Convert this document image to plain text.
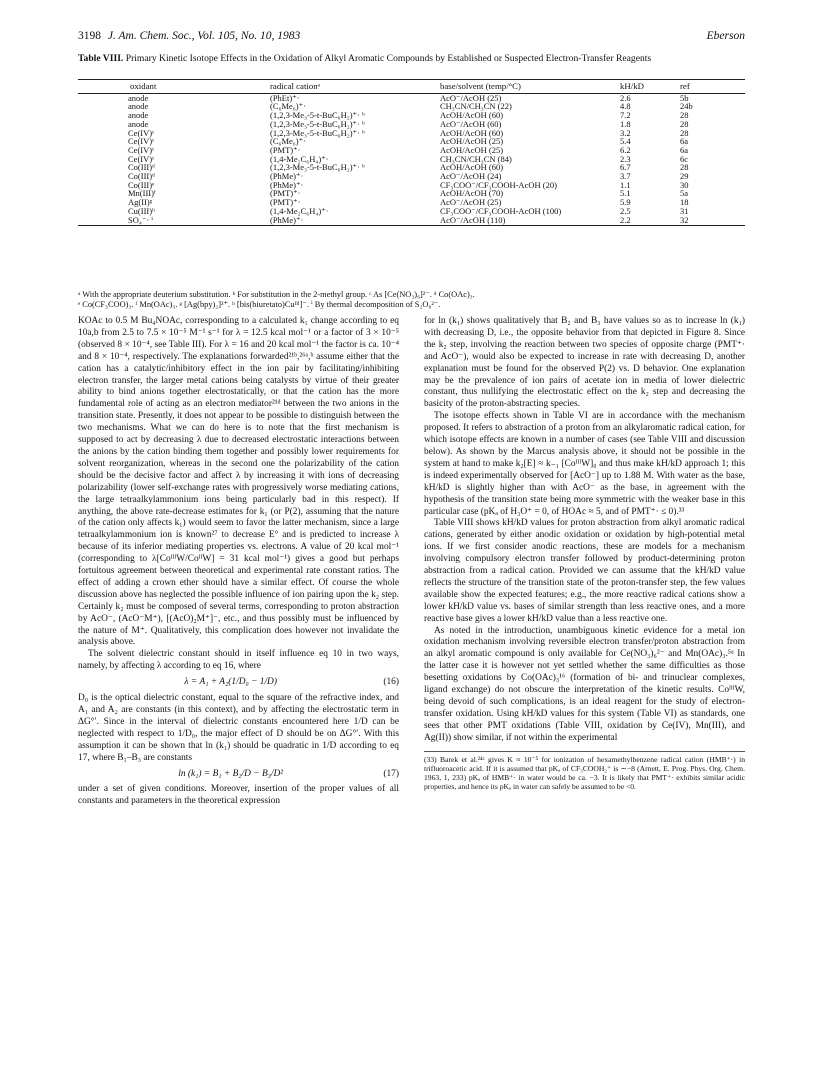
3198 J. Am. Chem. Soc., Vol. 105, No. 10, 1983	Eberson
Table VIII. Primary Kinetic Isotope Effects in the Oxidation of Alkyl Aromatic Compounds by Established or Suspected Electron-Transfer Reagents
oxidant	radical cationᵃ	base/solvent (temp/°C)	kH/kD	ref
anode	(PhEt)⁺·	AcO⁻/AcOH (25)	2.6	5b
anode	(C₆Me₆)⁺·	CH₃CN/CH₃CN (22)	4.8	24b
anode	(1,2,3-Me₃-5-t-BuC₆H₂)⁺· ᵇ	AcOH/AcOH (60)	7.2	28
anode	(1,2,3-Me₃-5-t-BuC₆H₂)⁺· ᵇ	AcO⁻/AcOH (60)	1.8	28
Ce(IV)ᶜ	(1,2,3-Me₃-5-t-BuC₆H₂)⁺· ᵇ	AcOH/AcOH (60)	3.2	28
Ce(IV)ᶜ	(C₆Me₆)⁺·	AcOH/AcOH (25)	5.4	6a
Ce(IV)ᶜ	(PMT)⁺·	AcOH/AcOH (25)	6.2	6a
Ce(IV)ᶜ	(1,4-Me₂C₆H₄)⁺·	CH₃CN/CH₃CN (84)	2.3	6c
Co(III)ᵈ	(1,2,3-Me₃-5-t-BuC₆H₂)⁺· ᵇ	AcOH/AcOH (60)	6.7	28
Co(III)ᵈ	(PhMe)⁺·	AcO⁻/AcOH (24)	3.7	29
Co(III)ᵉ	(PhMe)⁺·	CF₃COO⁻/CF₃COOH-AcOH (20)	1.1	30
Mn(III)ᶠ	(PMT)⁺·	AcOH/AcOH (70)	5.1	5a
Ag(II)ᵍ	(PMT)⁺·	AcO⁻/AcOH (25)	5.9	18
Cu(III)ʰ	(1,4-Me₂C₆H₄)⁺·	CF₃COO⁻/CF₃COOH-AcOH (100)	2.5	31
SO₄⁻· ⁱ	(PhMe)⁺·	AcO⁻/AcOH (110)	2.2	32
ᵃ With the appropriate deuterium substitution. ᵇ For substitution in the 2-methyl group. ᶜ As [Ce(NO₃)₆]²⁻. ᵈ Co(OAc)₃.
ᵉ Co(CF₃COO)₃. ᶠ Mn(OAc)₃. ᵍ [Ag(bpy)₂]²⁺. ʰ [bis(biuretato)Cuᴵᴵᴵ]⁻. ⁱ By thermal decomposition of S₂O₈²⁻.

KOAc to 0.5 M Bu₄NOAc, corresponding to a calculated k₁ change according to eq 10a,b from 2.5 to 7.5 × 10⁻⁵ M⁻¹ s⁻¹ for λ = 12.5 kcal mol⁻¹ or a factor of 3 × 10⁻⁵ (observed 8 × 10⁻⁴, see Table III). For λ = 16 and 20 kcal mol⁻¹ the factor is ca. 10⁻⁴ and 8 × 10⁻⁴, respectively. The explanations forwarded²¹ᵇ,²⁶ᵃ,ᵇ assume either that the cation has a catalytic/inhibitory effect in the ion pair by facilitating/inhibiting electron transfer, the larger metal cations being catalysts by virtue of their greater ability to bind anions together electrostatically, or that the cation has the more fundamental role of acting as an electron mediator²¹ᵈ between the two anions in the transition state. Presently, it does not appear to be possible to distinguish between the two mechanisms. What we can do here is to note that the first mechanism is supposed to act by decreasing λ due to decreased electrostatic interactions between the anions by the cation binding them together and possibly lower requirements for solvent reorganization, whereas in the second one the polarizability of the cation should be the decisive factor and affect λ by increasing it with ions of decreasing polarizability (lower self-exchange rates with progressively worse mediating cations, the large tetraalkylammonium ions being particularly bad in this respect). If anything, the above rate-decrease estimates for k₁ (or P(2), assuming that the nature of the cation only affects k₁) would seem to favor the latter mechanism, since a large tetraalkylammonium ion is known²⁷ to decrease E° and is predicted to increase λ because of its inferior mediating properties vs. electrons. A value of 20 kcal mol⁻¹ (corresponding to λ[CoᴵᴵᴵW/CoᴵᴵW] = 31 kcal mol⁻¹) gives a good but perhaps fortuitous agreement between theoretical and experimental rate constant ratios. The effect of adding a crown ether should have a similar effect. Of course the whole discussion above has neglected the possible influence of ion pairing upon the k₂ step. Certainly k₂ must be composed of several terms, corresponding to proton abstraction by AcO⁻, (AcO⁻M⁺), [(AcO)₂M⁺]⁻, etc., and thus possibly must be influenced by the nature of M⁺. Qualitatively, this complication does however not invalidate the analysis above.

The solvent dielectric constant should in itself influence eq 10 in two ways, namely, by affecting λ according to eq 16, where

λ = A₁ + A₂(1/D₀ − 1/D)	(16)

D₀ is the optical dielectric constant, equal to the square of the refractive index, and A₁ and A₂ are constants (in this context), and by affecting the electrostatic term in ΔG°′. Since in the interval of dielectric constants encountered here 1/D can be neglected with respect to 1/D₀, the major effect of D should be on ΔG°′. With this assumption it can be shown that ln (k₁) should be quadratic in 1/D according to eq 17, where B₁–B₃ are constants

ln (k₁) = B₁ + B₂/D − B₃/D²	(17)

under a set of given conditions. Moreover, insertion of the proper values of all constants and parameters in the theoretical expression

for ln (k₁) shows qualitatively that B₂ and B₃ have values so as to increase ln (k₁) with decreasing D, i.e., the opposite behavior from that depicted in Figure 8. Since the k₂ step, involving the reaction between two species of opposite charge (PMT⁺· and AcO⁻), would also be expected to increase in rate with decreasing D, another explanation must be found for the observed P(2) vs. D behavior. One explanation may be the prevalence of ion pairs of acetate ion in media of lower dielectric constant, thus nullifying the electrostatic effect on the k₂ step and decreasing the basicity of the proton-abstracting species.

The isotope effects shown in Table VI are in accordance with the mechanism proposed. It refers to abstraction of a proton from an alkylaromatic radical cation, for which isotope effects are known in a number of cases (see Table VIII and discussion below). As shown by the Marcus analysis above, it should not be possible in the system at hand to make k₂[E] ≈ k₋₁ [CoᴵᴵᴵW]₀ and thus make kH/kD approach 1; this is indeed experimentally observed for [AcO⁻] up to 1.88 M. With water as the base, kH/kD is slightly higher than with AcO⁻ as the base, in agreement with the hypothesis of the transition state being more symmetric with the weaker base in this particular case (pKₐ of H₃O⁺ = 0, of HOAc ≈ 5, and of PMT⁺· ≤ 0).³³

Table VIII shows kH/kD values for proton abstraction from alkyl aromatic radical cations, generated by either anodic oxidation or oxidation by high-potential metal ions. If we first consider anodic reactions, these are models for a mechanism involving compulsory electron transfer followed by product-determining proton abstraction from a radical cation. Provided we can assume that the kH/kD value reflects the structure of the transition state of the proton-transfer step, the few values available show the expected features; e.g., the more reactive radical cations show a lower kH/kD value vs. bases of similar strength than less reactive ones, and a more reactive base gives a lower kH/kD value than a less reactive one.

As noted in the introduction, unambiguous kinetic evidence for a metal ion oxidation mechanism involving reversible electron transfer/proton abstraction from an alkyl aromatic compound is only available for Ce(NO₃)₆²⁻ and Mn(OAc)₃.⁵ᵃ In the latter case it is however not yet settled whether the same difficulties as those besetting oxidations by Co(OAc)₃¹⁶ (formation of bi- and trinuclear complexes, ligand exchange) do not obscure the interpretation of the kinetic results. CoᴵᴵᴵW, being devoid of such complications, is an ideal reagent for the study of electron-transfer oxidation. Using kH/kD values for this system (Table VI) as standards, one sees that other PMT oxidations (Table VIII, oxidation by Ce(IV), Mn(III), and Ag(II)) show similar, if not within the experimental

(33) Barek et al.²⁴ᶜ gives K ≈ 10⁻⁵ for ionization of hexamethylbenzene radical cation (HMB⁺·) in trifluoroacetic acid. If it is assumed that pKₐ of CF₃COOH₂⁺ is ∼−8 (Arnett, E. Prog. Phys. Org. Chem. 1963, 1, 233) pKₐ of HMB⁺· in water would be ca. −3. It is likely that PMT⁺· exhibits similar acidic properties, and hence its pKₐ in water can safely be assumed to be <0.
